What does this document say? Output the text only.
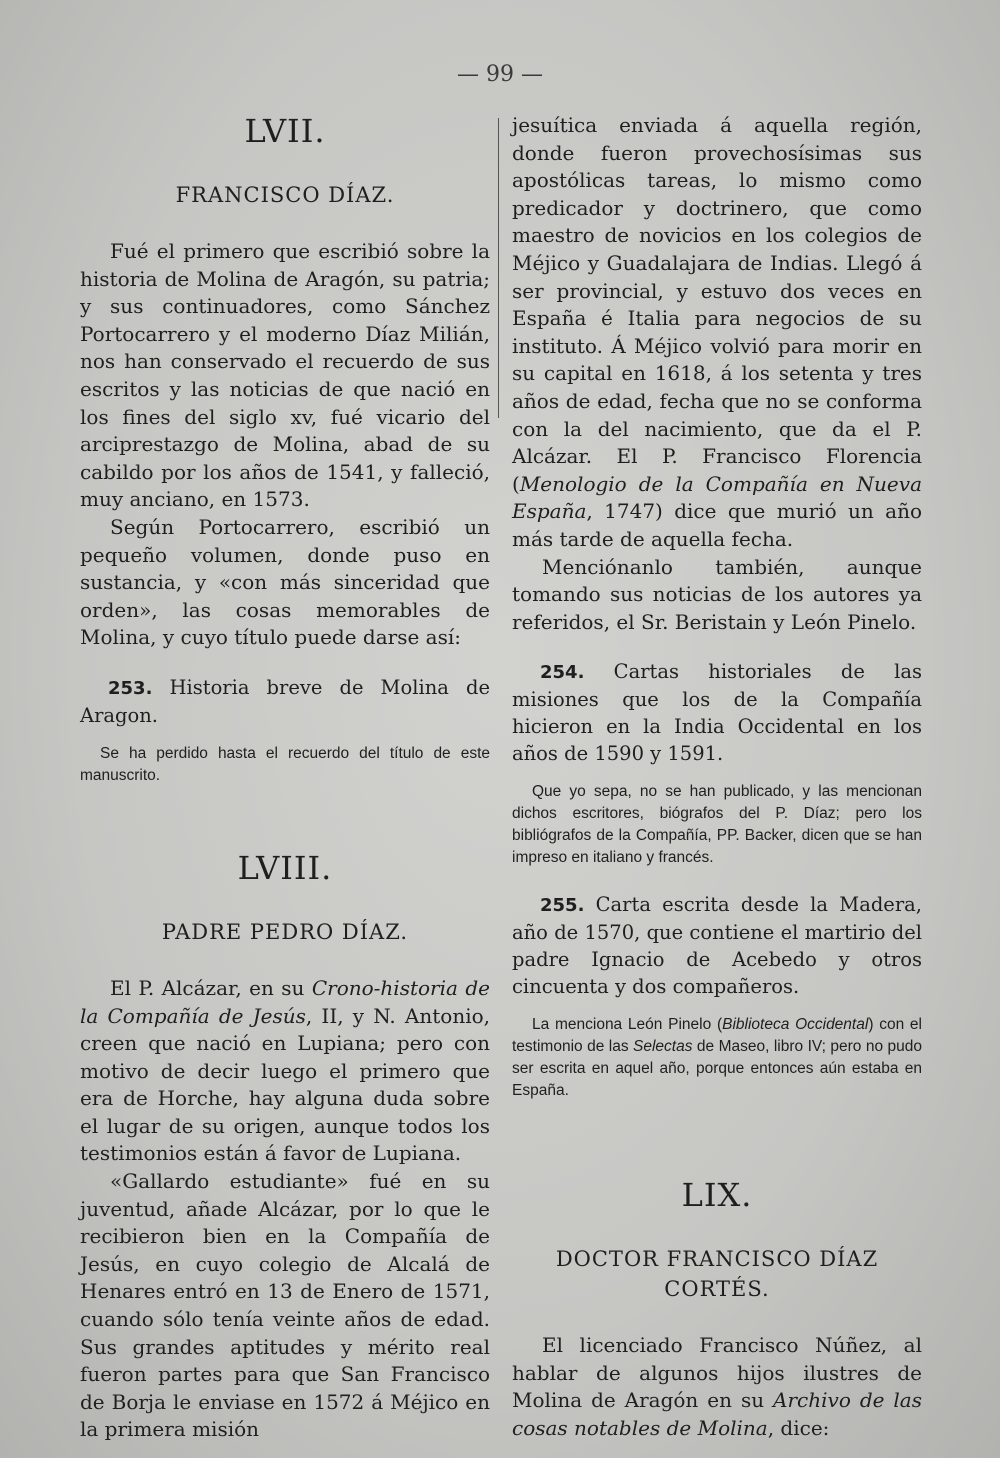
— 99 —
LVII.
FRANCISCO DÍAZ.

Fué el primero que escribió sobre la historia de Molina de Aragón, su patria; y sus continuadores, como Sánchez Portocarrero y el moderno Díaz Milián, nos han conservado el recuerdo de sus escritos y las noticias de que nació en los fines del siglo xv, fué vicario del arciprestazgo de Molina, abad de su cabildo por los años de 1541, y falleció, muy anciano, en 1573.

Según Portocarrero, escribió un pequeño volumen, donde puso en sustancia, y «con más sinceridad que orden», las cosas memorables de Molina, y cuyo título puede darse así:

253. Historia breve de Molina de Aragon.
Se ha perdido hasta el recuerdo del título de este manuscrito.
LVIII.
PADRE PEDRO DÍAZ.

El P. Alcázar, en su Crono-historia de la Compañía de Jesús, II, y N. Antonio, creen que nació en Lupiana; pero con motivo de decir luego el primero que era de Horche, hay alguna duda sobre el lugar de su origen, aunque todos los testimonios están á favor de Lupiana.

«Gallardo estudiante» fué en su juventud, añade Alcázar, por lo que le recibieron bien en la Compañía de Jesús, en cuyo colegio de Alcalá de Henares entró en 13 de Enero de 1571, cuando sólo tenía veinte años de edad. Sus grandes aptitudes y mérito real fueron partes para que San Francisco de Borja le enviase en 1572 á Méjico en la primera misión

jesuítica enviada á aquella región, donde fueron provechosísimas sus apostólicas tareas, lo mismo como predicador y doctrinero, que como maestro de novicios en los colegios de Méjico y Guadalajara de Indias. Llegó á ser provincial, y estuvo dos veces en España é Italia para negocios de su instituto. Á Méjico volvió para morir en su capital en 1618, á los setenta y tres años de edad, fecha que no se conforma con la del nacimiento, que da el P. Alcázar. El P. Francisco Florencia (Menologio de la Compañía en Nueva España, 1747) dice que murió un año más tarde de aquella fecha.

Menciónanlo también, aunque tomando sus noticias de los autores ya referidos, el Sr. Beristain y León Pinelo.

254. Cartas historiales de las misiones que los de la Compañía hicieron en la India Occidental en los años de 1590 y 1591.
Que yo sepa, no se han publicado, y las mencionan dichos escritores, biógrafos del P. Díaz; pero los bibliógrafos de la Compañía, PP. Backer, dicen que se han impreso en italiano y francés.
255. Carta escrita desde la Madera, año de 1570, que contiene el martirio del padre Ignacio de Acebedo y otros cincuenta y dos compañeros.
La menciona León Pinelo (Biblioteca Occidental) con el testimonio de las Selectas de Maseo, libro IV; pero no pudo ser escrita en aquel año, porque entonces aún estaba en España.
LIX.
DOCTOR FRANCISCO DÍAZ
CORTÉS.

El licenciado Francisco Núñez, al hablar de algunos hijos ilustres de Molina de Aragón en su Archivo de las cosas notables de Molina, dice:
